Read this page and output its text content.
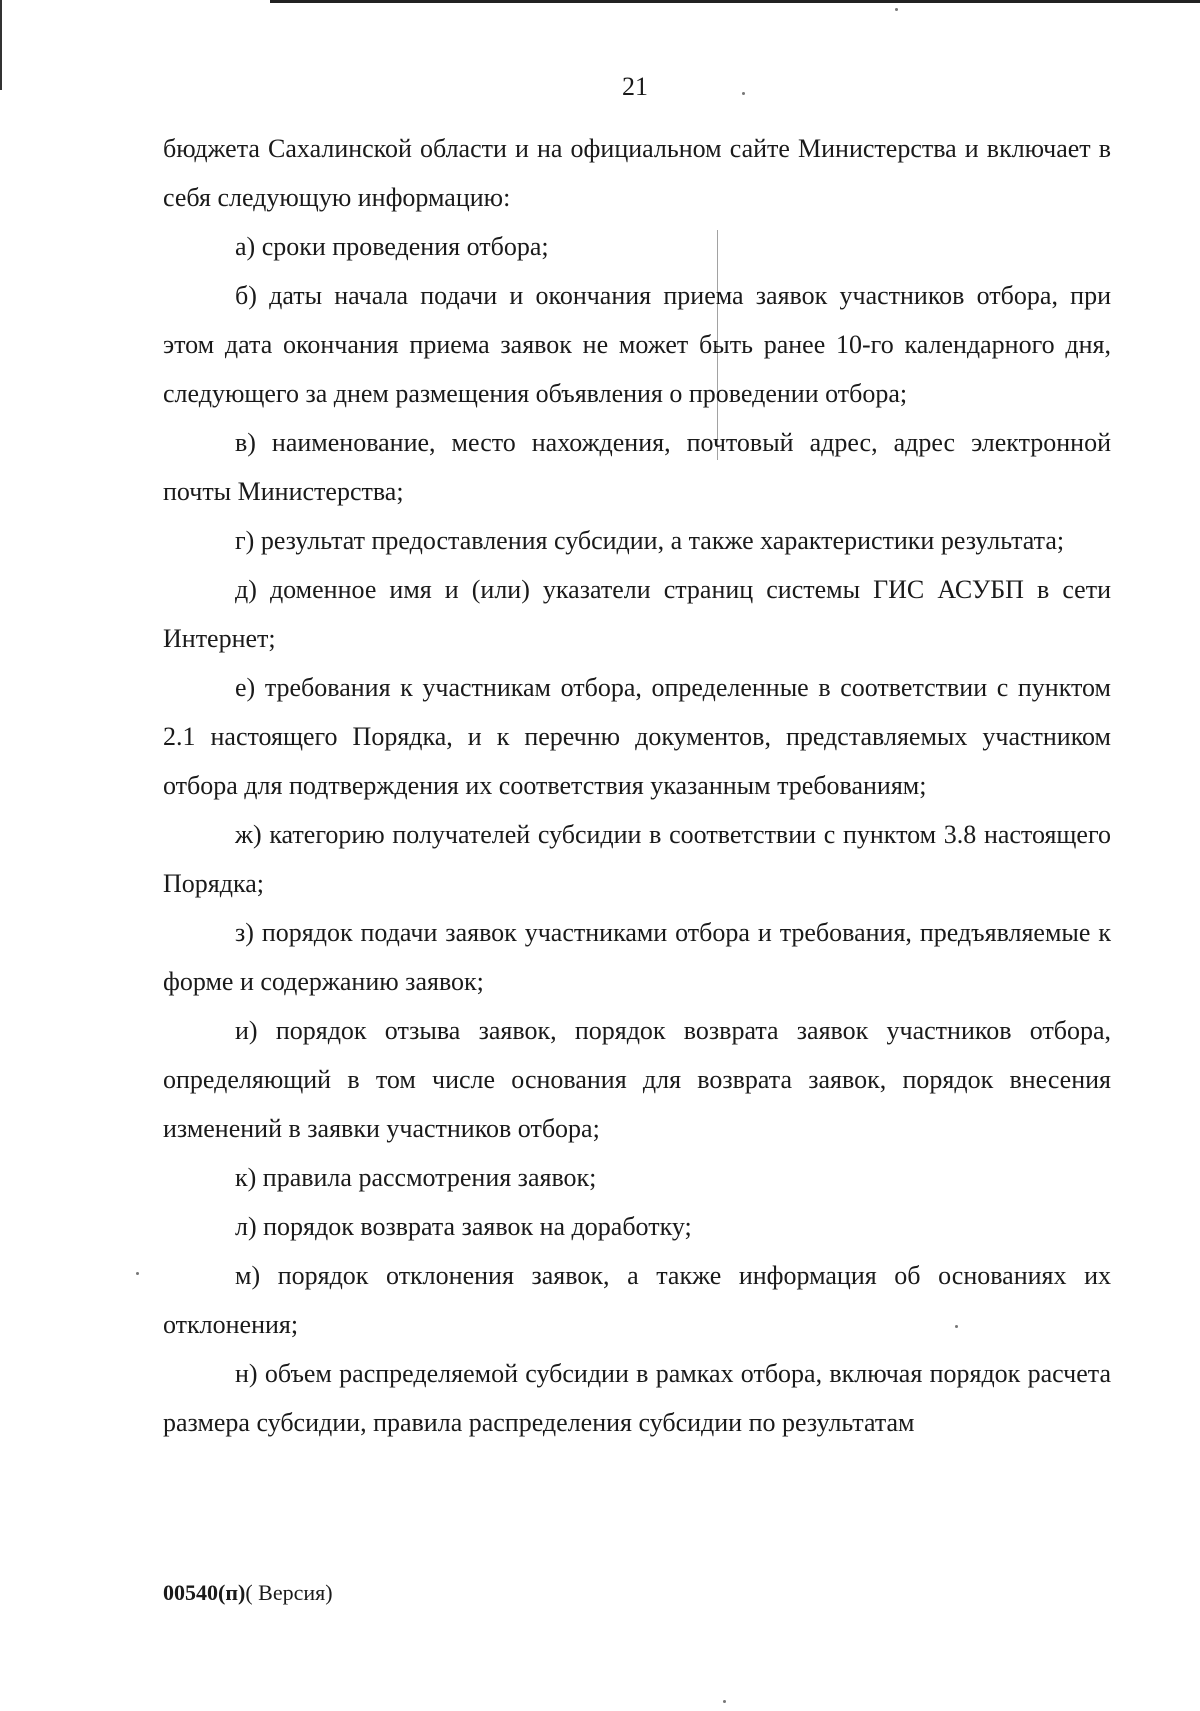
21

бюджета Сахалинской области и на официальном сайте Министерства и включает в себя следующую информацию:

а) сроки проведения отбора;

б) даты начала подачи и окончания приема заявок участников отбора, при этом дата окончания приема заявок не может быть ранее 10-го календарного дня, следующего за днем размещения объявления о проведении отбора;

в) наименование, место нахождения, почтовый адрес, адрес электронной почты Министерства;

г) результат предоставления субсидии, а также характеристики результата;

д) доменное имя и (или) указатели страниц системы ГИС АСУБП в сети Интернет;

е) требования к участникам отбора, определенные в соответствии с пунктом 2.1 настоящего Порядка, и к перечню документов, представляемых участником отбора для подтверждения их соответствия указанным требованиям;

ж) категорию получателей субсидии в соответствии с пунктом 3.8 настоящего Порядка;

з) порядок подачи заявок участниками отбора и требования, предъявляемые к форме и содержанию заявок;

и) порядок отзыва заявок, порядок возврата заявок участников отбора, определяющий в том числе основания для возврата заявок, порядок внесения изменений в заявки участников отбора;

к) правила рассмотрения заявок;

л) порядок возврата заявок на доработку;

м) порядок отклонения заявок, а также информация об основаниях их отклонения;

н) объем распределяемой субсидии в рамках отбора, включая порядок расчета размера субсидии, правила распределения субсидии по результатам

00540(п)( Версия)
